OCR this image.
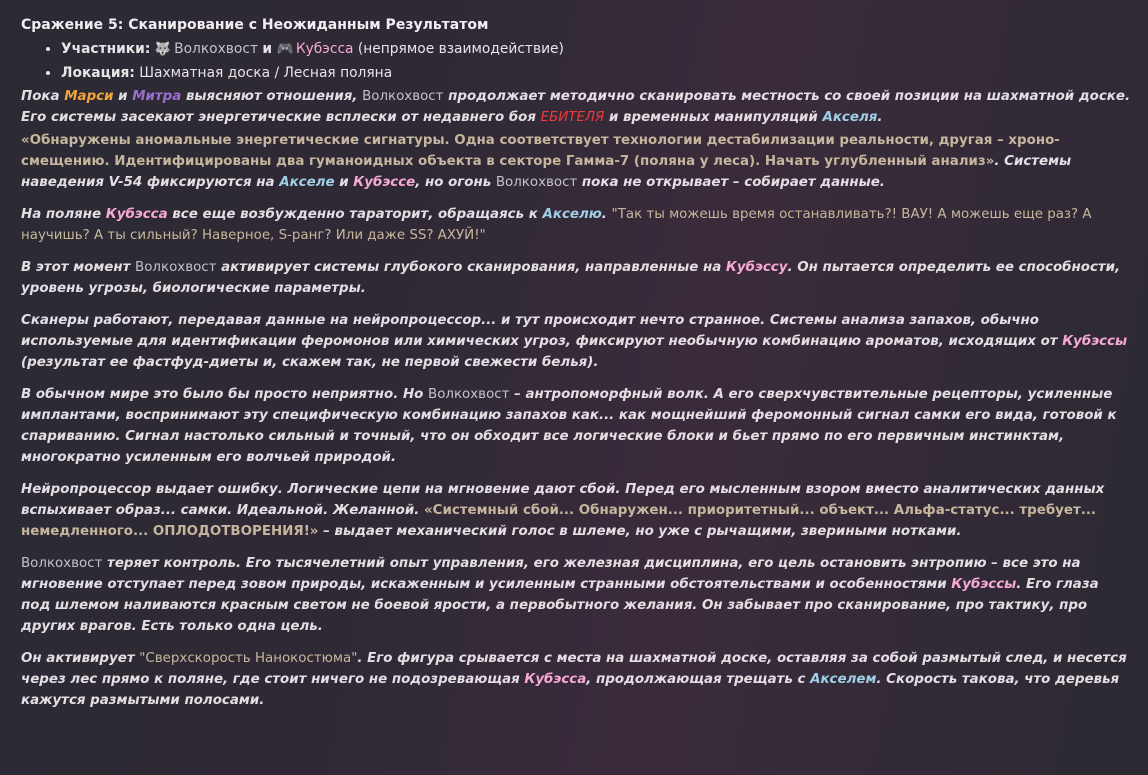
Сражение 5: Сканирование с Неожиданным Результатом
• Участники: 🐺 Волкохвост и 🎮 Кубэсса (непрямое взаимодействие)
• Локация: Шахматная доска / Лесная поляна

Пока Марси и Митра выясняют отношения, Волкохвост продолжает методично сканировать местность со своей позиции на шахматной доске. Его системы засекают энергетические всплески от недавнего боя ЕБИТЕЛЯ и временных манипуляций Акселя.

«Обнаружены аномальные энергетические сигнатуры. Одна соответствует технологии дестабилизации реальности, другая – хроно-смещению. Идентифицированы два гуманоидных объекта в секторе Гамма-7 (поляна у леса). Начать углубленный анализ». Системы наведения V-54 фиксируются на Акселе и Кубэссе, но огонь Волкохвост пока не открывает – собирает данные.

На поляне Кубэсса все еще возбужденно тараторит, обращаясь к Акселю. "Так ты можешь время останавливать?! ВАУ! А можешь еще раз? А научишь? А ты сильный? Наверное, S-ранг? Или даже SS? АХУЙ!"

В этот момент Волкохвост активирует системы глубокого сканирования, направленные на Кубэссу. Он пытается определить ее способности, уровень угрозы, биологические параметры.

Сканеры работают, передавая данные на нейропроцессор... и тут происходит нечто странное. Системы анализа запахов, обычно используемые для идентификации феромонов или химических угроз, фиксируют необычную комбинацию ароматов, исходящих от Кубэссы (результат ее фастфуд-диеты и, скажем так, не первой свежести белья).

В обычном мире это было бы просто неприятно. Но Волкохвост – антропоморфный волк. А его сверхчувствительные рецепторы, усиленные имплантами, воспринимают эту специфическую комбинацию запахов как... как мощнейший феромонный сигнал самки его вида, готовой к спариванию. Сигнал настолько сильный и точный, что он обходит все логические блоки и бьет прямо по его первичным инстинктам, многократно усиленным его волчьей природой.

Нейропроцессор выдает ошибку. Логические цепи на мгновение дают сбой. Перед его мысленным взором вместо аналитических данных вспыхивает образ... самки. Идеальной. Желанной. «Системный сбой... Обнаружен... приоритетный... объект... Альфа-статус... требует... немедленного... ОПЛОДОТВОРЕНИЯ!» – выдает механический голос в шлеме, но уже с рычащими, звериными нотками.

Волкохвост теряет контроль. Его тысячелетний опыт управления, его железная дисциплина, его цель остановить энтропию – все это на мгновение отступает перед зовом природы, искаженным и усиленным странными обстоятельствами и особенностями Кубэссы. Его глаза под шлемом наливаются красным светом не боевой ярости, а первобытного желания. Он забывает про сканирование, про тактику, про других врагов. Есть только одна цель.

Он активирует "Сверхскорость Нанокостюма". Его фигура срывается с места на шахматной доске, оставляя за собой размытый след, и несется через лес прямо к поляне, где стоит ничего не подозревающая Кубэсса, продолжающая трещать с Акселем. Скорость такова, что деревья кажутся размытыми полосами.
